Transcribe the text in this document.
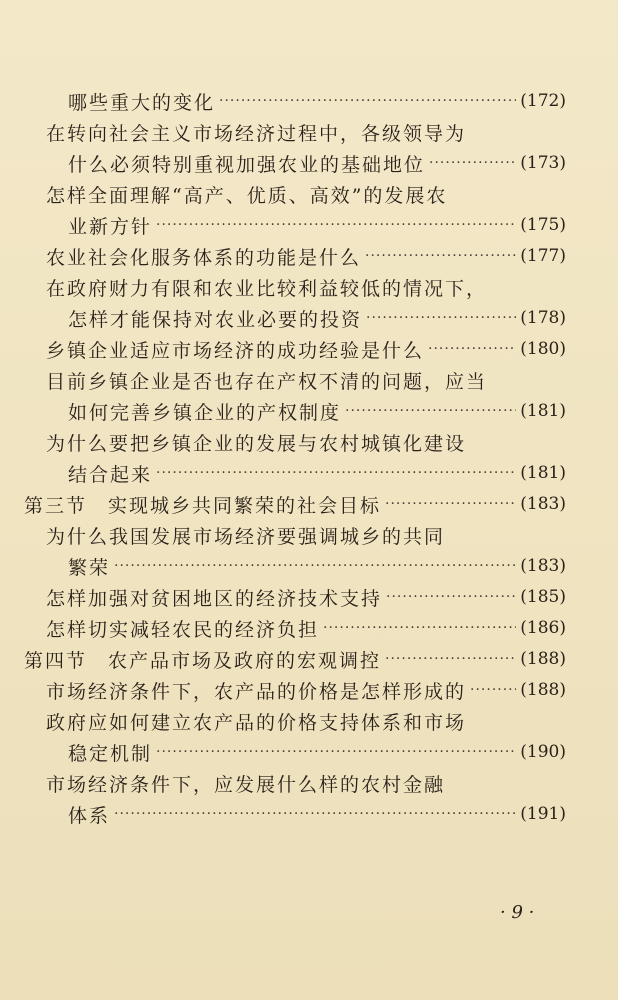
哪些重大的变化 ·····	(172)
在转向社会主义市场经济过程中，各级领导为
什么必须特别重视加强农业的基础地位 ·····	(173)
怎样全面理解“高产、优质、高效”的发展农
业新方针 ·····	(175)
农业社会化服务体系的功能是什么 ·····	(177)
在政府财力有限和农业比较利益较低的情况下，
怎样才能保持对农业必要的投资 ·····	(178)
乡镇企业适应市场经济的成功经验是什么 ·····	(180)
目前乡镇企业是否也存在产权不清的问题，应当
如何完善乡镇企业的产权制度 ·····	(181)
为什么要把乡镇企业的发展与农村城镇化建设
结合起来 ·····	(181)
第三节　实现城乡共同繁荣的社会目标 ·····	(183)
为什么我国发展市场经济要强调城乡的共同
繁荣 ·····	(183)
怎样加强对贫困地区的经济技术支持 ·····	(185)
怎样切实减轻农民的经济负担 ·····	(186)
第四节　农产品市场及政府的宏观调控 ·····	(188)
市场经济条件下，农产品的价格是怎样形成的 ·····	(188)
政府应如何建立农产品的价格支持体系和市场
稳定机制 ·····	(190)
市场经济条件下，应发展什么样的农村金融
体系 ·····	(191)
· 9 ·
